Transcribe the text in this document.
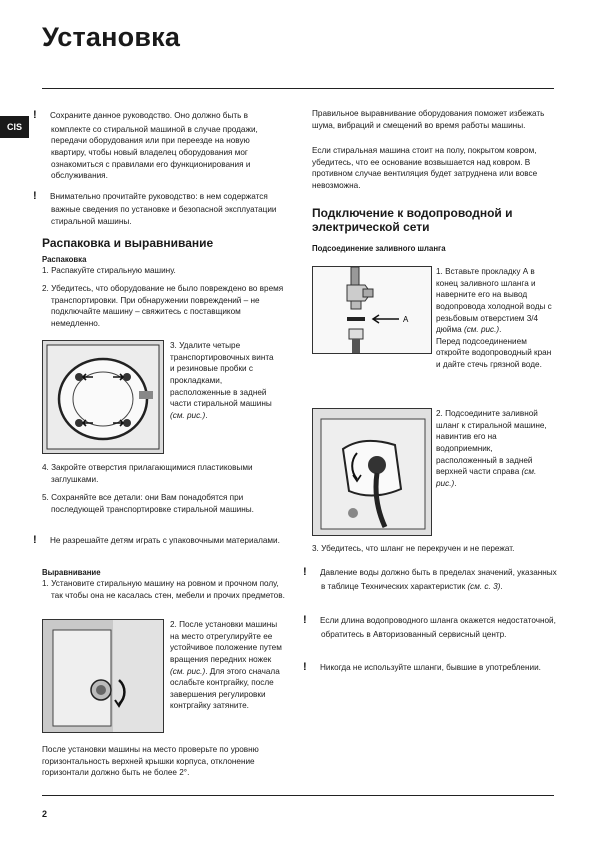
Установка
CIS

! Сохраните данное руководство. Оно должно быть в комплекте со стиральной машиной в случае продажи, передачи оборудования или при переезде на новую квартиру, чтобы новый владелец оборудования мог ознакомиться с правилами его функционирования и обслуживания.

! Внимательно прочитайте руководство: в нем содержатся важные сведения по установке и безопасной эксплуатации стиральной машины.

Распаковка и выравнивание

Распаковка

1. Распакуйте стиральную машину.

2. Убедитесь, что оборудование не было повреждено во время транспортировки. При обнаружении повреждений – не подключайте машину – свяжитесь с поставщиком немедленно.

3. Удалите четыре транспортировочных винта и резиновые пробки с прокладками, расположенные в задней части стиральной машины (см. рис.).

4. Закройте отверстия прилагающимися пластиковыми заглушками.

5. Сохраняйте все детали: они Вам понадобятся при последующей транспортировке стиральной машины.

! Не разрешайте детям играть с упаковочными материалами.

Выравнивание

1. Установите стиральную машину на ровном и прочном полу, так чтобы она не касалась стен, мебели и прочих предметов.

2. После установки машины на место отрегулируйте ее устойчивое положение путем вращения передних ножек (см. рис.). Для этого сначала ослабьте контргайку, после завершения регулировки контргайку затяните.

После установки машины на место проверьте по уровню горизонтальность верхней крышки корпуса, отклонение горизонтали должно быть не более 2°.

Правильное выравнивание оборудования поможет избежать шума, вибраций и смещений во время работы машины.

Если стиральная машина стоит на полу, покрытом ковром, убедитесь, что ее основание возвышается над ковром. В противном случае вентиляция будет затруднена или вовсе невозможна.

Подключение к водопроводной и электрической сети

Подсоединение заливного шланга

A

1. Вставьте прокладку А в конец заливного шланга и наверните его на вывод водопровода холодной воды с резьбовым отверстием 3/4 дюйма (см. рис.).
Перед подсоединением откройте водопроводный кран и дайте стечь грязной воде.

2. Подсоедините заливной шланг к стиральной машине, навинтив его на водоприемник, расположенный в задней верхней части справа (см. рис.).

3. Убедитесь, что шланг не перекручен и не пережат.

! Давление воды должно быть в пределах значений, указанных в таблице Технических характеристик (см. с. 3).

! Если длина водопроводного шланга окажется недостаточной, обратитесь в Авторизованный сервисный центр.

! Никогда не используйте шланги, бывшие в употреблении.

2
